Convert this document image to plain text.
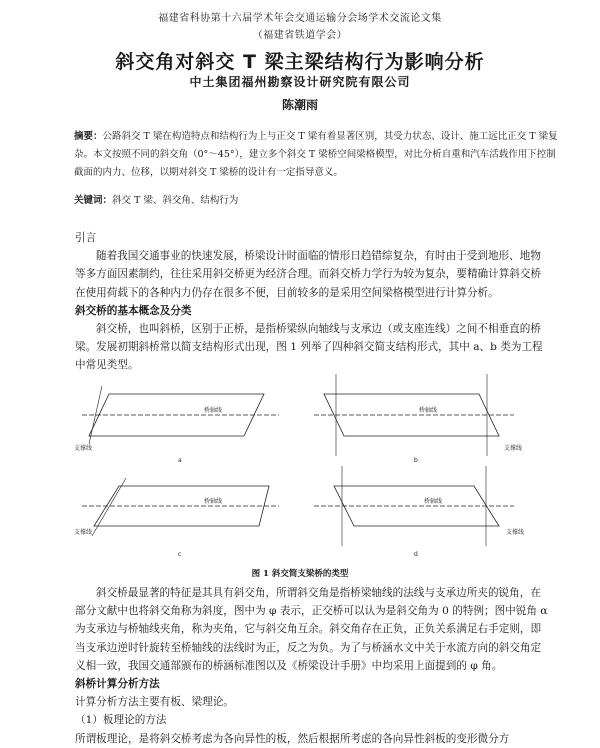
福建省科协第十六届学术年会交通运输分会场学术交流论文集
（福建省铁道学会）
斜交角对斜交 T 梁主梁结构行为影响分析
中土集团福州勘察设计研究院有限公司
陈潮雨
摘要：公路斜交 T 梁在构造特点和结构行为上与正交 T 梁有着显著区别，其受力状态、设计、施工远比正交 T 梁复杂。本文按照不同的斜交角（0°～45°），建立多个斜交 T 梁桥空间梁格模型，对比分析自重和汽车活载作用下控制截面的内力、位移，以期对斜交 T 梁桥的设计有一定指导意义。
关键词：斜交 T 梁、斜交角、结构行为

引言

随着我国交通事业的快速发展，桥梁设计时面临的情形日趋错综复杂，有时由于受到地形、地物等多方面因素制约，往往采用斜交桥更为经济合理。而斜交桥力学行为较为复杂，要精确计算斜交桥在使用荷载下的各种内力仍存在很多不便，目前较多的是采用空间梁格模型进行计算分析。

斜交桥的基本概念及分类

斜交桥，也叫斜桥，区别于正桥，是指桥梁纵向轴线与支承边（或支座连线）之间不相垂直的桥梁。发展初期斜桥常以简支结构形式出现，图 1 列举了四种斜交简支结构形式，其中 a、b 类为工程中常见类型。

桥轴线
支撑线
桥轴线
支撑线
桥轴线
支撑线
桥轴线
支撑线
a	b
c	d
图 1 斜交简支梁桥的类型

斜交桥最显著的特征是其具有斜交角，所谓斜交角是指桥梁轴线的法线与支承边所夹的锐角，在部分文献中也将斜交角称为斜度，图中为 φ 表示，正交桥可以认为是斜交角为 0 的特例；图中锐角 α 为支承边与桥轴线夹角，称为夹角，它与斜交角互余。斜交角存在正负，正负关系满足右手定则，即当支承边逆时针旋转至桥轴线的法线时为正，反之为负。为了与桥涵水文中关于水流方向的斜交角定义相一致，我国交通部颁布的桥涵标准图以及《桥梁设计手册》中均采用上面提到的 φ 角。

斜桥计算分析方法

计算分析方法主要有板、梁理论。

（1）板理论的方法

所谓板理论，是将斜交桥考虑为各向异性的板，然后根据所考虑的各向异性斜板的变形微分方
